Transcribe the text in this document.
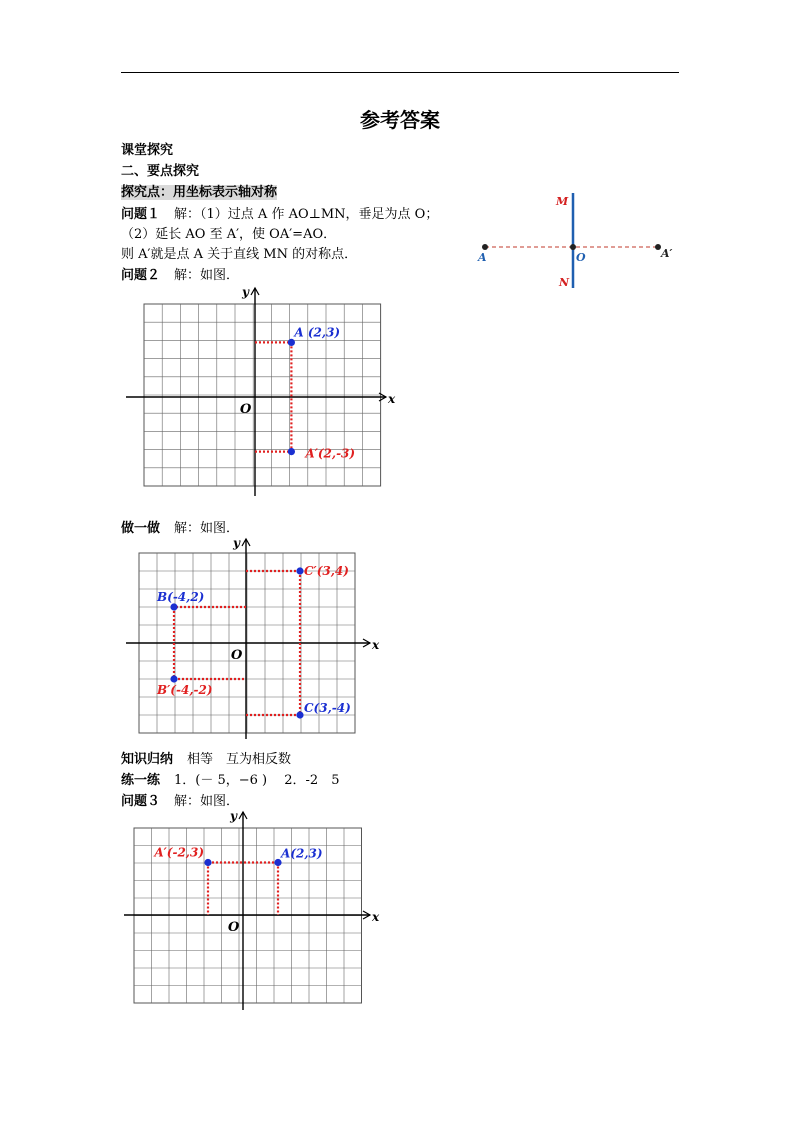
参考答案
课堂探究
二、要点探究
探究点：用坐标表示轴对称
问题１ 解：（1）过点 A 作 AO⊥MN，垂足为点 O；
（2）延长 AO 至 A′，使 OA′=AO．
则 A′就是点 A 关于直线 MN 的对称点．
问题２ 解：如图．
M
N
A	O	A′
x
y
O
A (2,3)
A′(2,-3)
做一做 解：如图．
x
y
O
C′(3,4)
B(-4,2)
B′(-4,-2)
C(3,-4)
知识归纳 相等　互为相反数
练一练 1．(－ 5，−6 )　 2．-2　5
问题３ 解：如图．
x
y
O
A′(-2,3)	A(2,3)
